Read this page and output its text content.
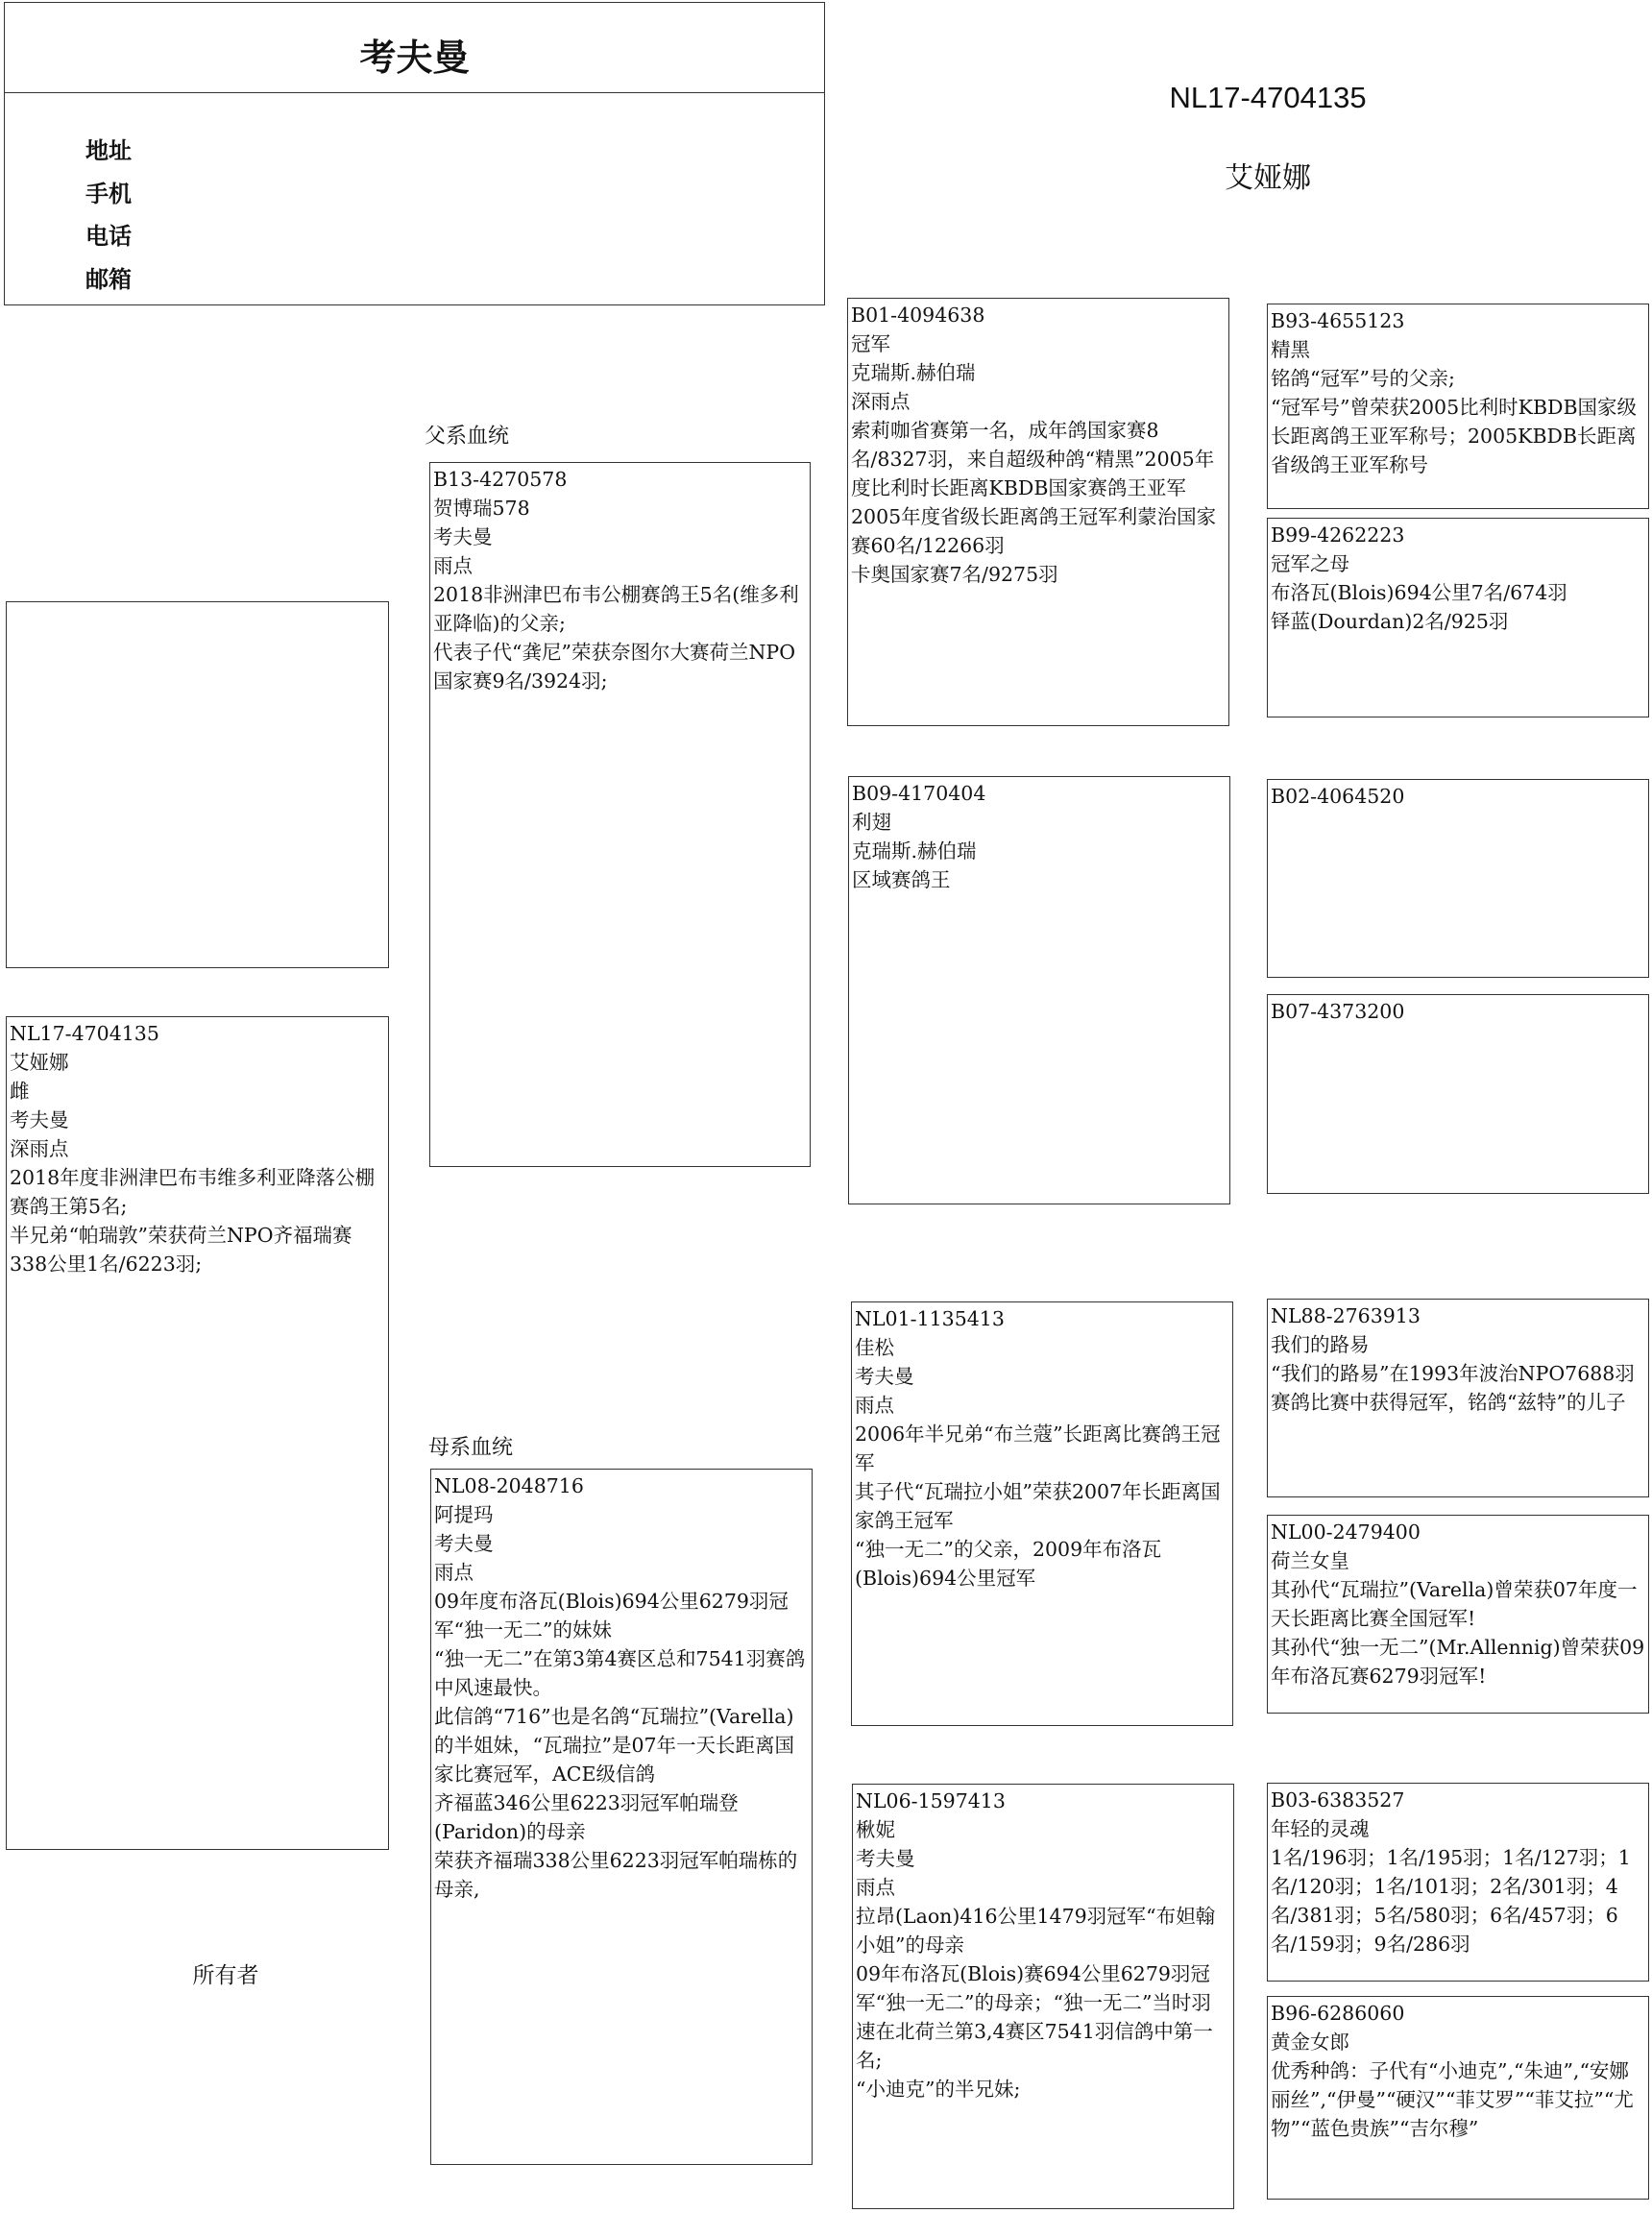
考夫曼
地址
手机
电话
邮箱
NL17-4704135
艾娅娜
父系血统
母系血统
所有者
NL17-4704135
艾娅娜
雌
考夫曼
深雨点
2018年度非洲津巴布韦维多利亚降落公棚赛鸽王第5名;
半兄弟“帕瑞敦”荣获荷兰NPO齐福瑞赛338公里1名/6223羽;
B13-4270578
贺博瑞578
考夫曼
雨点
2018非洲津巴布韦公棚赛鸽王5名(维多利亚降临)的父亲;
代表子代“龚尼”荣获奈图尔大赛荷兰NPO国家赛9名/3924羽;
NL08-2048716
阿提玛
考夫曼
雨点
09年度布洛瓦(Blois)694公里6279羽冠军“独一无二”的妹妹
“独一无二”在第3第4赛区总和7541羽赛鸽中风速最快。
此信鸽“716”也是名鸽“瓦瑞拉”(Varella)的半姐妹，“瓦瑞拉”是07年一天长距离国家比赛冠军，ACE级信鸽
齐福蓝346公里6223羽冠军帕瑞登(Paridon)的母亲
荣获齐福瑞338公里6223羽冠军帕瑞栋的母亲,
B01-4094638
冠军
克瑞斯.赫伯瑞
深雨点
索莉咖省赛第一名，成年鸽国家赛8名/8327羽，来自超级种鸽“精黑”2005年度比利时长距离KBDB国家赛鸽王亚军
2005年度省级长距离鸽王冠军利蒙治国家赛60名/12266羽
卡奥国家赛7名/9275羽
B09-4170404
利翅
克瑞斯.赫伯瑞
区域赛鸽王
NL01-1135413
佳松
考夫曼
雨点
2006年半兄弟“布兰蔻”长距离比赛鸽王冠军
其子代“瓦瑞拉小姐”荣获2007年长距离国家鸽王冠军
“独一无二”的父亲，2009年布洛瓦(Blois)694公里冠军
NL06-1597413
楸妮
考夫曼
雨点
拉昂(Laon)416公里1479羽冠军“布妲翰小姐”的母亲
09年布洛瓦(Blois)赛694公里6279羽冠军“独一无二”的母亲；“独一无二”当时羽速在北荷兰第3,4赛区7541羽信鸽中第一名;
“小迪克”的半兄妹;
B93-4655123
精黑
铭鸽“冠军”号的父亲;
“冠军号”曾荣获2005比利时KBDB国家级长距离鸽王亚军称号；2005KBDB长距离省级鸽王亚军称号
B99-4262223
冠军之母
布洛瓦(Blois)694公里7名/674羽
铎蓝(Dourdan)2名/925羽
B02-4064520
B07-4373200
NL88-2763913
我们的路易
“我们的路易”在1993年波治NPO7688羽赛鸽比赛中获得冠军，铭鸽“兹特”的儿子
NL00-2479400
荷兰女皇
其孙代“瓦瑞拉”(Varella)曾荣获07年度一天长距离比赛全国冠军!
其孙代“独一无二”(Mr.Allennig)曾荣获09年布洛瓦赛6279羽冠军!
B03-6383527
年轻的灵魂
1名/196羽；1名/195羽；1名/127羽；1名/120羽；1名/101羽；2名/301羽；4名/381羽；5名/580羽；6名/457羽；6名/159羽；9名/286羽
B96-6286060
黄金女郎
优秀种鸽：子代有“小迪克”,“朱迪”,“安娜丽丝”,“伊曼”“硬汉”“菲艾罗”“菲艾拉”“尤物”“蓝色贵族”“吉尔穆”
